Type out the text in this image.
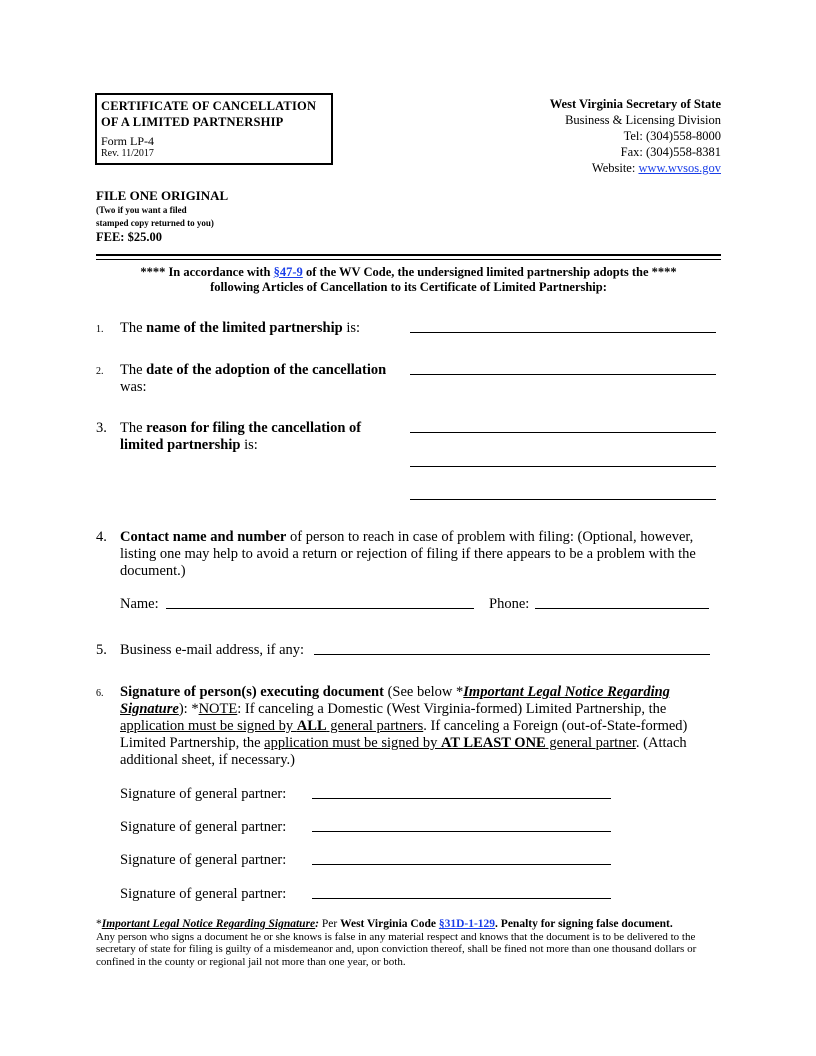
CERTIFICATE OF CANCELLATION
OF A LIMITED PARTNERSHIP
Form LP-4
Rev. 11/2017
West Virginia Secretary of State
Business & Licensing Division
Tel: (304)558-8000
Fax: (304)558-8381
Website: www.wvsos.gov
FILE ONE ORIGINAL
(Two if you want a filed
stamped copy returned to you)
FEE: $25.00
**** In accordance with §47-9 of the WV Code, the undersigned limited partnership adopts the ****
following Articles of Cancellation to its Certificate of Limited Partnership:
1. The name of the limited partnership is:
2. The date of the adoption of the cancellation
was:
3. The reason for filing the cancellation of
limited partnership is:
4. Contact name and number of person to reach in case of problem with filing: (Optional, however,
listing one may help to avoid a return or rejection of filing if there appears to be a problem with the
document.)
Name:	Phone:
5. Business e-mail address, if any:
6. Signature of person(s) executing document (See below *Important Legal Notice Regarding
Signature): *NOTE: If canceling a Domestic (West Virginia-formed) Limited Partnership, the
application must be signed by ALL general partners. If canceling a Foreign (out-of-State-formed)
Limited Partnership, the application must be signed by AT LEAST ONE general partner. (Attach
additional sheet, if necessary.)
Signature of general partner:
Signature of general partner:
Signature of general partner:
Signature of general partner:
*Important Legal Notice Regarding Signature: Per West Virginia Code §31D-1-129. Penalty for signing false document.
Any person who signs a document he or she knows is false in any material respect and knows that the document is to be delivered to the secretary of state for filing is guilty of a misdemeanor and, upon conviction thereof, shall be fined not more than one thousand dollars or confined in the county or regional jail not more than one year, or both.
